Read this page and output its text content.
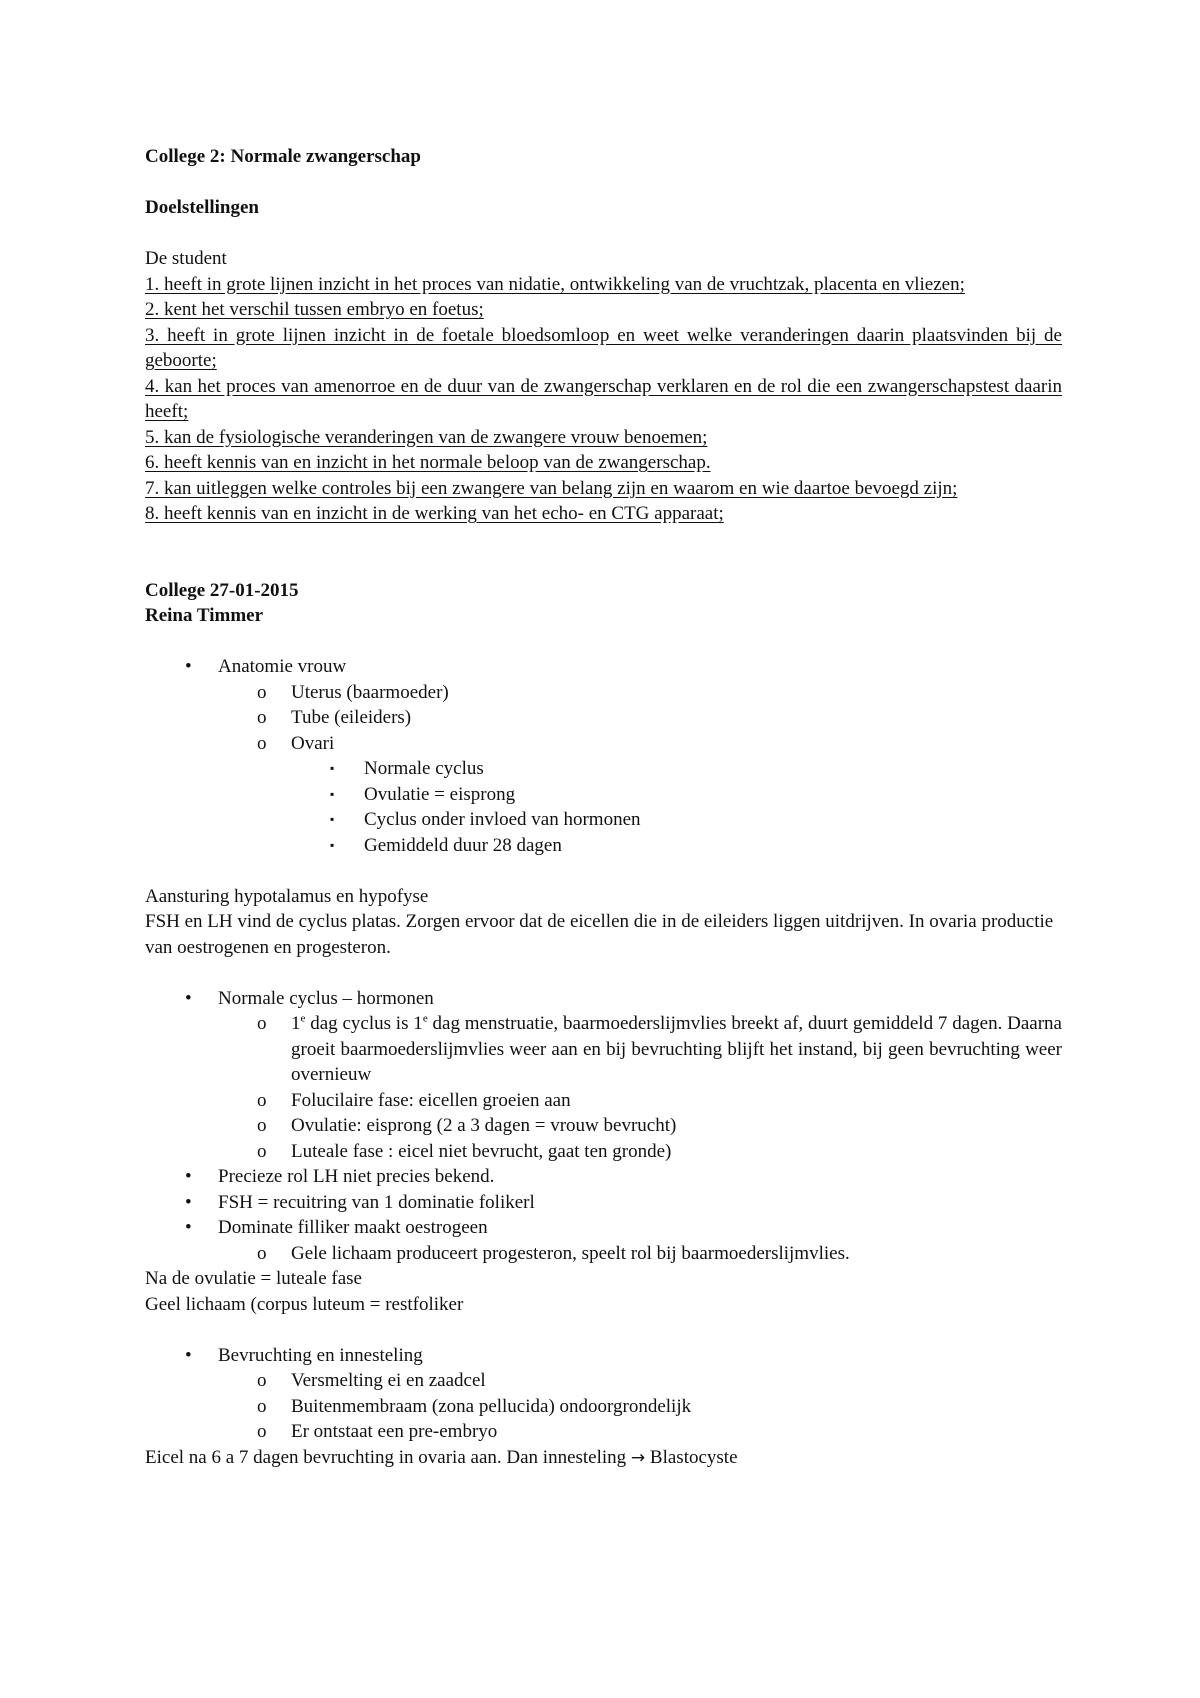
College 2: Normale zwangerschap
Doelstellingen
De student
1. heeft in grote lijnen inzicht in het proces van nidatie, ontwikkeling van de vruchtzak, placenta en vliezen;
2. kent het verschil tussen embryo en foetus;
3. heeft in grote lijnen inzicht in de foetale bloedsomloop en weet welke veranderingen daarin plaatsvinden bij de geboorte;
4. kan het proces van amenorroe en de duur van de zwangerschap verklaren en de rol die een zwangerschapstest daarin heeft;
5. kan de fysiologische veranderingen van de zwangere vrouw benoemen;
6. heeft kennis van en inzicht in het normale beloop van de zwangerschap.
7. kan uitleggen welke controles bij een zwangere van belang zijn en waarom en wie daartoe bevoegd zijn;
8. heeft kennis van en inzicht in de werking van het echo- en CTG apparaat;
College 27-01-2015
Reina Timmer
• Anatomie vrouw
o Uterus (baarmoeder)
o Tube (eileiders)
o Ovari
▪ Normale cyclus
▪ Ovulatie = eisprong
▪ Cyclus onder invloed van hormonen
▪ Gemiddeld duur 28 dagen
Aansturing hypotalamus en hypofyse
FSH en LH vind de cyclus platas. Zorgen ervoor dat de eicellen die in de eileiders liggen uitdrijven. In ovaria productie van oestrogenen en progesteron.
• Normale cyclus – hormonen
o 1e dag cyclus is 1e dag menstruatie, baarmoederslijmvlies breekt af, duurt gemiddeld 7 dagen. Daarna groeit baarmoederslijmvlies weer aan en bij bevruchting blijft het instand, bij geen bevruchting weer overnieuw
o Folucilaire fase: eicellen groeien aan
o Ovulatie: eisprong (2 a 3 dagen = vrouw bevrucht)
o Luteale fase : eicel niet bevrucht, gaat ten gronde)
• Precieze rol LH niet precies bekend.
• FSH = recuitring van 1 dominatie folikerl
• Dominate filliker maakt oestrogeen
o Gele lichaam produceert progesteron, speelt rol bij baarmoederslijmvlies.
Na de ovulatie = luteale fase
Geel lichaam (corpus luteum = restfoliker
• Bevruchting en innesteling
o Versmelting ei en zaadcel
o Buitenmembraam (zona pellucida) ondoorgrondelijk
o Er ontstaat een pre-embryo
Eicel na 6 a 7 dagen bevruchting in ovaria aan. Dan innesteling → Blastocyste
